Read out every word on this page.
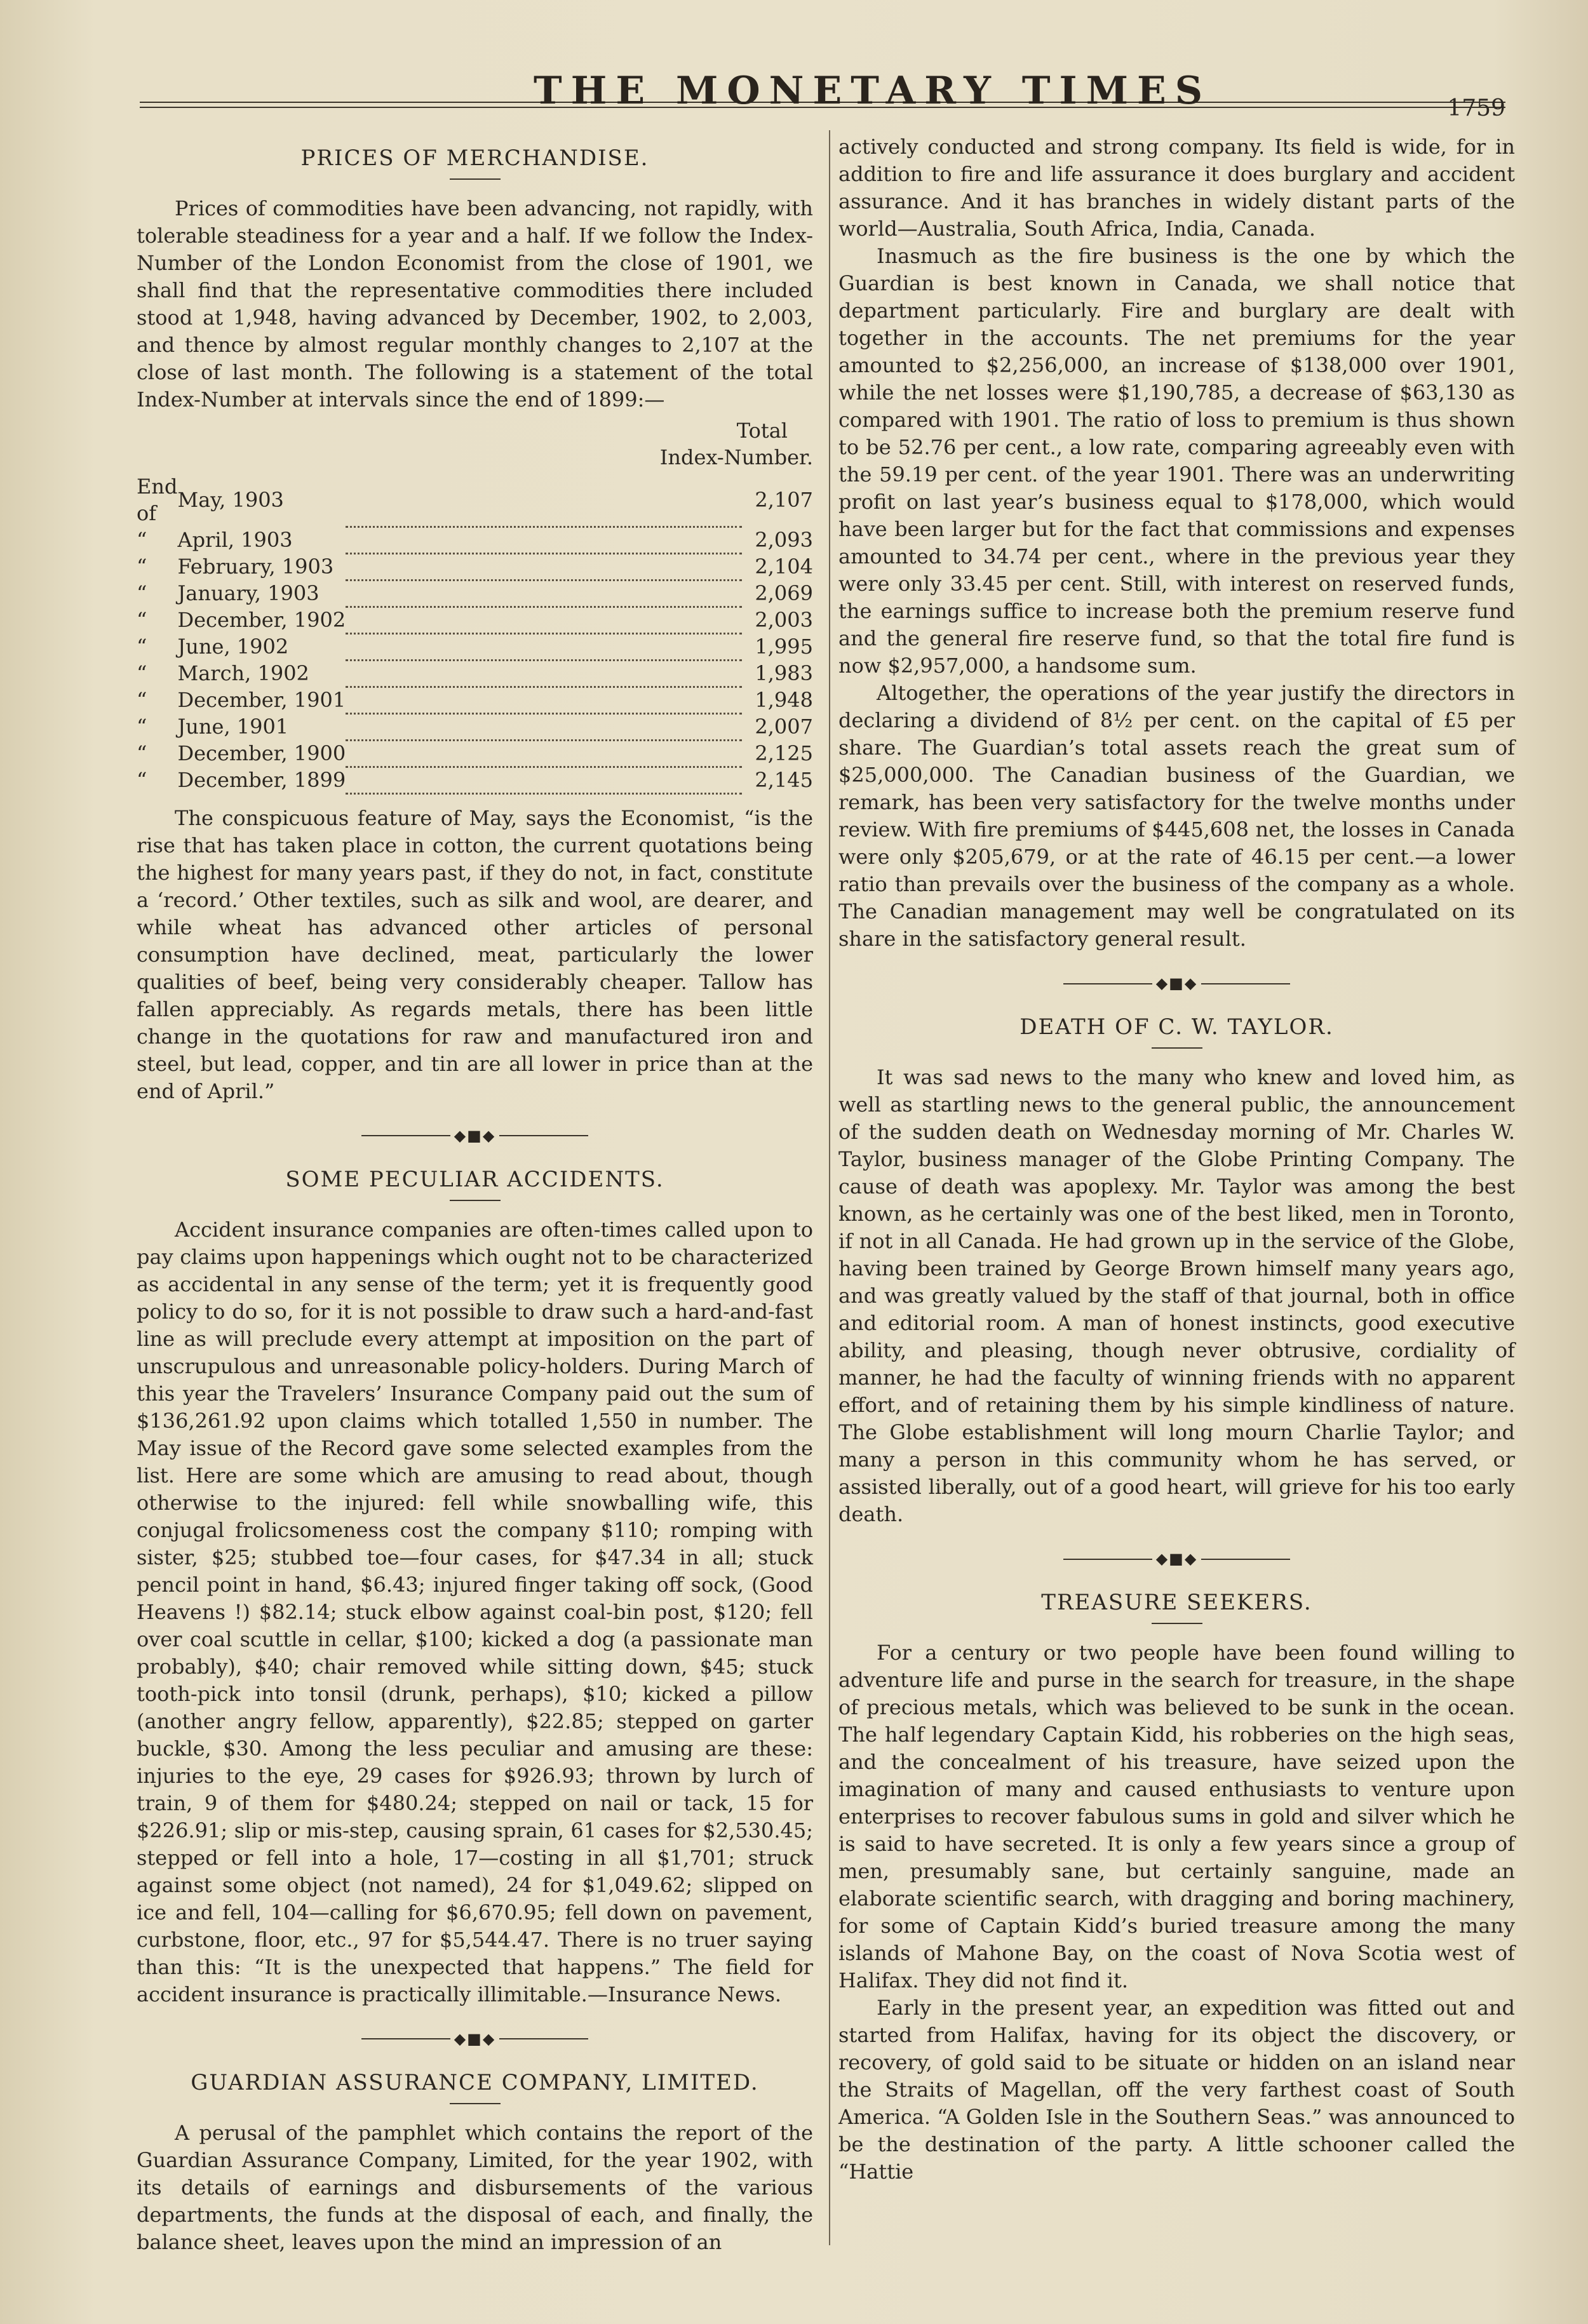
THE MONETARY TIMES	1759
PRICES OF MERCHANDISE.

Prices of commodities have been advancing, not rapidly, with tolerable steadiness for a year and a half. If we follow the Index-Number of the London Economist from the close of 1901, we shall find that the representative commodities there included stood at 1,948, having advanced by December, 1902, to 2,003, and thence by almost regular monthly changes to 2,107 at the close of last month. The following is a statement of the total Index-Number at intervals since the end of 1899:—

Total
Index-Number.
End of	May, 1903		2,107
“	April, 1903		2,093
“	February, 1903		2,104
“	January, 1903		2,069
“	December, 1902		2,003
“	June, 1902		1,995
“	March, 1902		1,983
“	December, 1901		1,948
“	June, 1901		2,007
“	December, 1900		2,125
“	December, 1899		2,145

The conspicuous feature of May, says the Economist, “is the rise that has taken place in cotton, the current quotations being the highest for many years past, if they do not, in fact, constitute a ‘record.’ Other textiles, such as silk and wool, are dearer, and while wheat has advanced other articles of personal consumption have declined, meat, particularly the lower qualities of beef, being very considerably cheaper. Tallow has fallen appreciably. As regards metals, there has been little change in the quotations for raw and manufactured iron and steel, but lead, copper, and tin are all lower in price than at the end of April.”

◆■◆
SOME PECULIAR ACCIDENTS.

Accident insurance companies are often-times called upon to pay claims upon happenings which ought not to be characterized as accidental in any sense of the term; yet it is frequently good policy to do so, for it is not possible to draw such a hard-and-fast line as will preclude every attempt at imposition on the part of unscrupulous and unreasonable policy-holders. During March of this year the Travelers’ Insurance Company paid out the sum of $136,261.92 upon claims which totalled 1,550 in number. The May issue of the Record gave some selected examples from the list. Here are some which are amusing to read about, though otherwise to the injured: fell while snowballing wife, this conjugal frolicsomeness cost the company $110; romping with sister, $25; stubbed toe—four cases, for $47.34 in all; stuck pencil point in hand, $6.43; injured finger taking off sock, (Good Heavens !) $82.14; stuck elbow against coal-bin post, $120; fell over coal scuttle in cellar, $100; kicked a dog (a passionate man probably), $40; chair removed while sitting down, $45; stuck tooth-pick into tonsil (drunk, perhaps), $10; kicked a pillow (another angry fellow, apparently), $22.85; stepped on garter buckle, $30. Among the less peculiar and amusing are these: injuries to the eye, 29 cases for $926.93; thrown by lurch of train, 9 of them for $480.24; stepped on nail or tack, 15 for $226.91; slip or mis-step, causing sprain, 61 cases for $2,530.45; stepped or fell into a hole, 17—costing in all $1,701; struck against some object (not named), 24 for $1,049.62; slipped on ice and fell, 104—calling for $6,670.95; fell down on pavement, curbstone, floor, etc., 97 for $5,544.47. There is no truer saying than this: “It is the unexpected that happens.” The field for accident insurance is practically illimitable.—Insurance News.

◆■◆
GUARDIAN ASSURANCE COMPANY, LIMITED.

A perusal of the pamphlet which contains the report of the Guardian Assurance Company, Limited, for the year 1902, with its details of earnings and disbursements of the various departments, the funds at the disposal of each, and finally, the balance sheet, leaves upon the mind an impression of an

actively conducted and strong company. Its field is wide, for in addition to fire and life assurance it does burglary and accident assurance. And it has branches in widely distant parts of the world—Australia, South Africa, India, Canada.

Inasmuch as the fire business is the one by which the Guardian is best known in Canada, we shall notice that department particularly. Fire and burglary are dealt with together in the accounts. The net premiums for the year amounted to $2,256,000, an increase of $138,000 over 1901, while the net losses were $1,190,785, a decrease of $63,130 as compared with 1901. The ratio of loss to premium is thus shown to be 52.76 per cent., a low rate, comparing agreeably even with the 59.19 per cent. of the year 1901. There was an underwriting profit on last year’s business equal to $178,000, which would have been larger but for the fact that commissions and expenses amounted to 34.74 per cent., where in the previous year they were only 33.45 per cent. Still, with interest on reserved funds, the earnings suffice to increase both the premium reserve fund and the general fire reserve fund, so that the total fire fund is now $2,957,000, a handsome sum.

Altogether, the operations of the year justify the directors in declaring a dividend of 8½ per cent. on the capital of £5 per share. The Guardian’s total assets reach the great sum of $25,000,000. The Canadian business of the Guardian, we remark, has been very satisfactory for the twelve months under review. With fire premiums of $445,608 net, the losses in Canada were only $205,679, or at the rate of 46.15 per cent.—a lower ratio than prevails over the business of the company as a whole. The Canadian management may well be congratulated on its share in the satisfactory general result.

◆■◆
DEATH OF C. W. TAYLOR.

It was sad news to the many who knew and loved him, as well as startling news to the general public, the announcement of the sudden death on Wednesday morning of Mr. Charles W. Taylor, business manager of the Globe Printing Company. The cause of death was apoplexy. Mr. Taylor was among the best known, as he certainly was one of the best liked, men in Toronto, if not in all Canada. He had grown up in the service of the Globe, having been trained by George Brown himself many years ago, and was greatly valued by the staff of that journal, both in office and editorial room. A man of honest instincts, good executive ability, and pleasing, though never obtrusive, cordiality of manner, he had the faculty of winning friends with no apparent effort, and of retaining them by his simple kindliness of nature. The Globe establishment will long mourn Charlie Taylor; and many a person in this community whom he has served, or assisted liberally, out of a good heart, will grieve for his too early death.

◆■◆
TREASURE SEEKERS.

For a century or two people have been found willing to adventure life and purse in the search for treasure, in the shape of precious metals, which was believed to be sunk in the ocean. The half legendary Captain Kidd, his robberies on the high seas, and the concealment of his treasure, have seized upon the imagination of many and caused enthusiasts to venture upon enterprises to recover fabulous sums in gold and silver which he is said to have secreted. It is only a few years since a group of men, presumably sane, but certainly sanguine, made an elaborate scientific search, with dragging and boring machinery, for some of Captain Kidd’s buried treasure among the many islands of Mahone Bay, on the coast of Nova Scotia west of Halifax. They did not find it.

Early in the present year, an expedition was fitted out and started from Halifax, having for its object the discovery, or recovery, of gold said to be situate or hidden on an island near the Straits of Magellan, off the very farthest coast of South America. “A Golden Isle in the Southern Seas.” was announced to be the destination of the party. A little schooner called the “Hattie
